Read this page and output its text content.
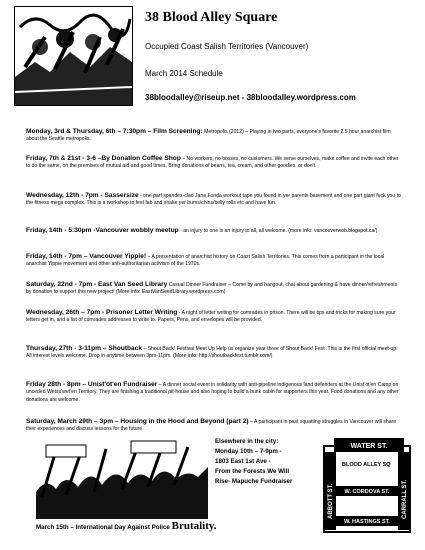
38 Blood Alley Square
Occupied Coast Salish Territories (Vancouver)
March 2014 Schedule
38bloodalley@riseup.net - 38bloodalley.wordpress.com
Monday, 3rd & Thursday, 6th – 7:30pm – Film Screening: Metropolis (2012) – Playing in two parts, everyone's favorite 2.5 hour anarchist film about the Seattle metropolis.
Friday, 7th & 21st - 3-6 –By Donation Coffee Shop – No workers, no bosses, no customers. We serve ourselves, make coffee and invite each other to do the same, on the premises of mutual aid and good times. Bring donations of beans, tea, cream, and other goodies, or don't.
Wednesday, 12th - 7pm - Sassersize - one part spandex-clad Jane Fonda workout tape you found in yer parents basement and one part giant fuck you to the fitness mega complex. This is a workshop to feel fab and shake yer bums/chins/belly rolls etc and have fun.
Friday, 14th - 5:30pm -Vancouver wobbly meetup - an injury to one is an injury to all, all welcome. (more info: vancouverwob.blogspot.ca/)
Friday, 14th - 7pm – Vancouver Yippie! – A presentation of anarchist history on Coast Salish Territories. This comes from a participant in the local anarchist Yippie movement and other anti-authoritarian activism of the 1970s.
Saturday, 22nd - 7pm - East Van Seed Library Casual Dinner Fundraiser – Come by and hangout, chat about gardening & have dinner/refreshments by donation to support this new project! (More info: EastVanSeedLibrary.wordpress.com)
Wednesday, 26th – 7pm - Prisoner Letter Writing - A night of letter writing for comrades in prison. There will be tips and tricks for making sure your letters get in, and a list of comrades addresses to write to. Papers, Pens, and envelopes will be provided.
Thursday, 27th - 3-11pm – Shoutback – Shout Back! Festival Meet Up Help us organize year three of Shout Back! Fest .This is the first official meet-up. All interest levels welcome. Drop in anytime between 3pm-11pm. (More info: http://shoutbackfest.tumblr.com/)
Friday 28th - 8pm – Unist'ot'en Fundraiser – A dinner social event in solidarity with anti-pipeline indigenous land defenders at the Unist'ot'en Camp on unceded Wetsu'wet'en Territory. They are finishing a traditional pit-house and also hoping to build a bunk cabin for supporters this year. Food donations and any other donations are welcome.
Saturday, March 29th – 3pm – Housing in the Hood and Beyond (part 2) – A participant in past squatting struggles in Vancouver will share their experiences and discuss lessons for the future.
Elsewhere in the city:
Monday 10th – 7-9pm -
1803 East 1st Ave -
From the Forests We Will
Rise- Mapuche Fundraiser
WATER ST.
ABBOTT ST.	CARRALL ST.
BLOOD ALLEY SQ
W. CORDOVA ST.
W. HASTINGS ST.
March 15th – International Day Against Police Brutality.
